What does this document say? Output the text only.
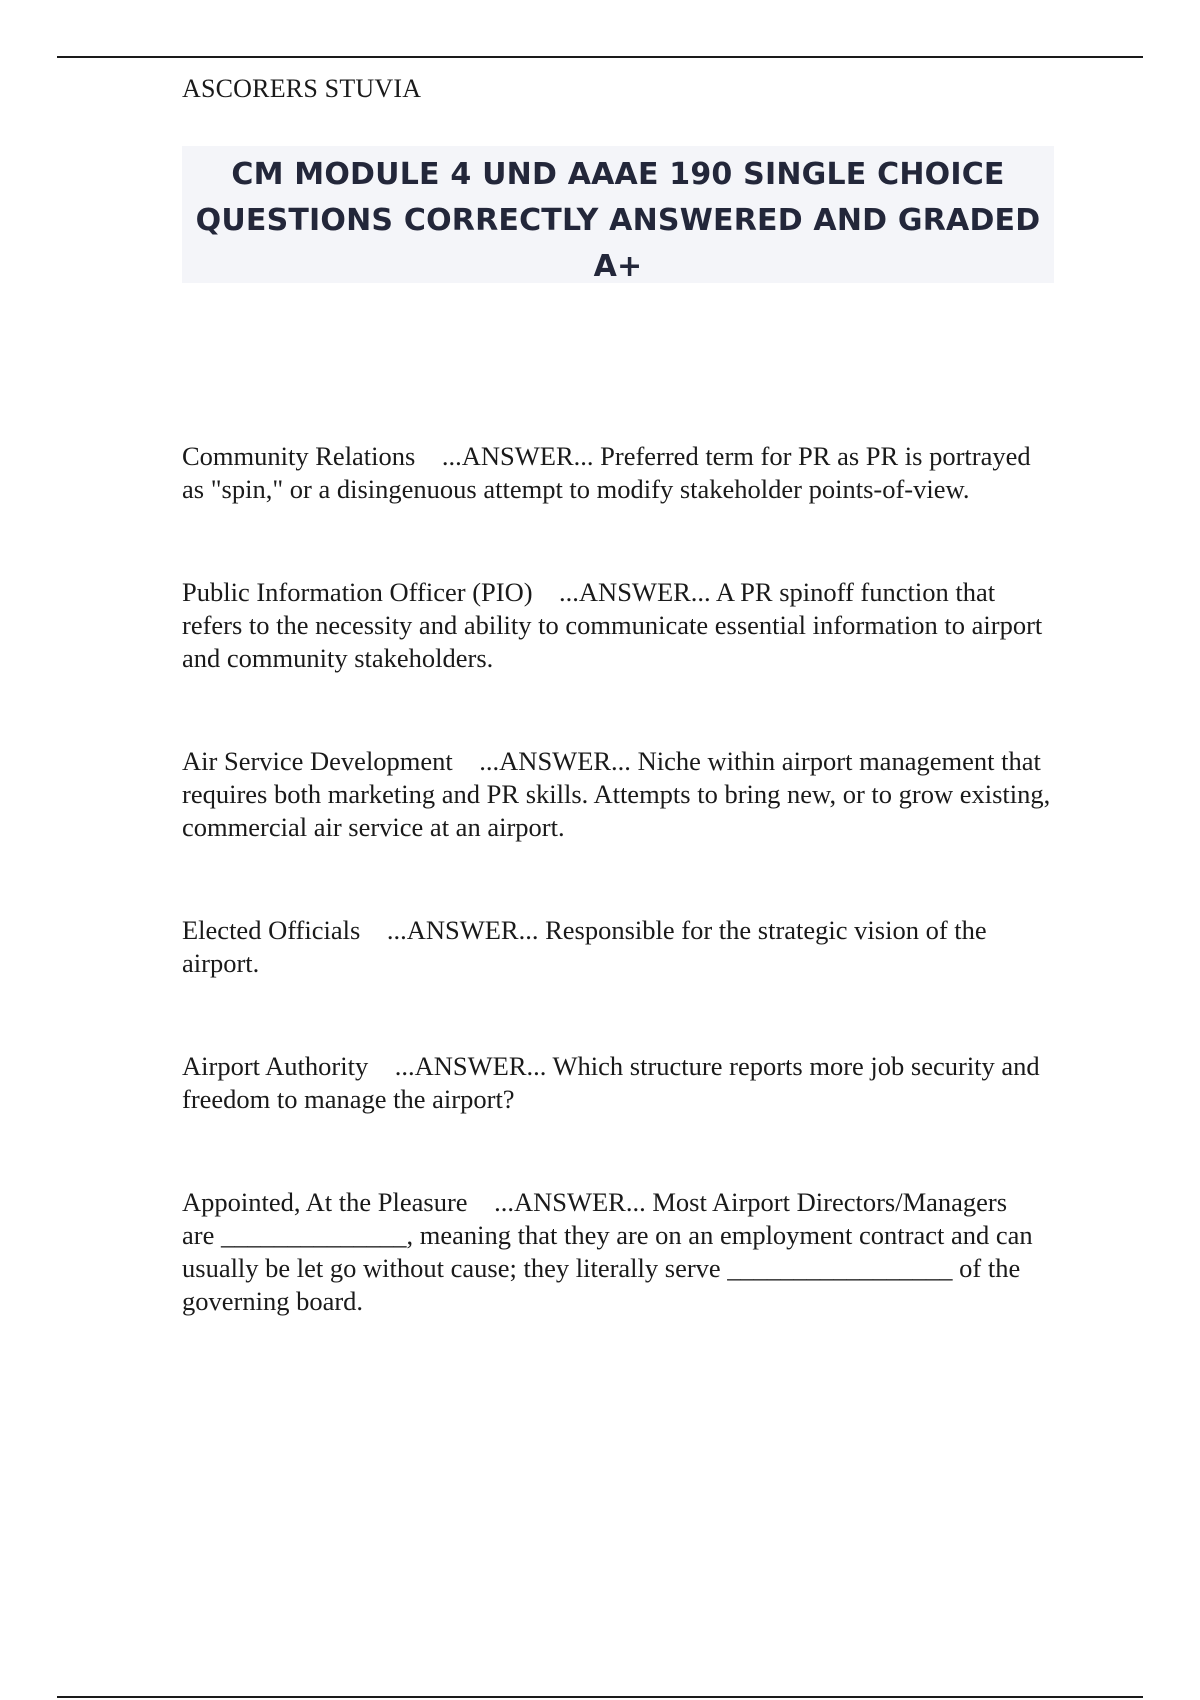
ASCORERS STUVIA
CM MODULE 4 UND AAAE 190 SINGLE CHOICE QUESTIONS CORRECTLY ANSWERED AND GRADED A+

Community Relations ...ANSWER... Preferred term for PR as PR is portrayed as "spin," or a disingenuous attempt to modify stakeholder points-of-view.

Public Information Officer (PIO) ...ANSWER... A PR spinoff function that refers to the necessity and ability to communicate essential information to airport and community stakeholders.

Air Service Development ...ANSWER... Niche within airport management that requires both marketing and PR skills. Attempts to bring new, or to grow existing, commercial air service at an airport.

Elected Officials ...ANSWER... Responsible for the strategic vision of the airport.

Airport Authority ...ANSWER... Which structure reports more job security and freedom to manage the airport?

Appointed, At the Pleasure ...ANSWER... Most Airport Directors/Managers are ______________, meaning that they are on an employment contract and can usually be let go without cause; they literally serve _________________ of the governing board.
